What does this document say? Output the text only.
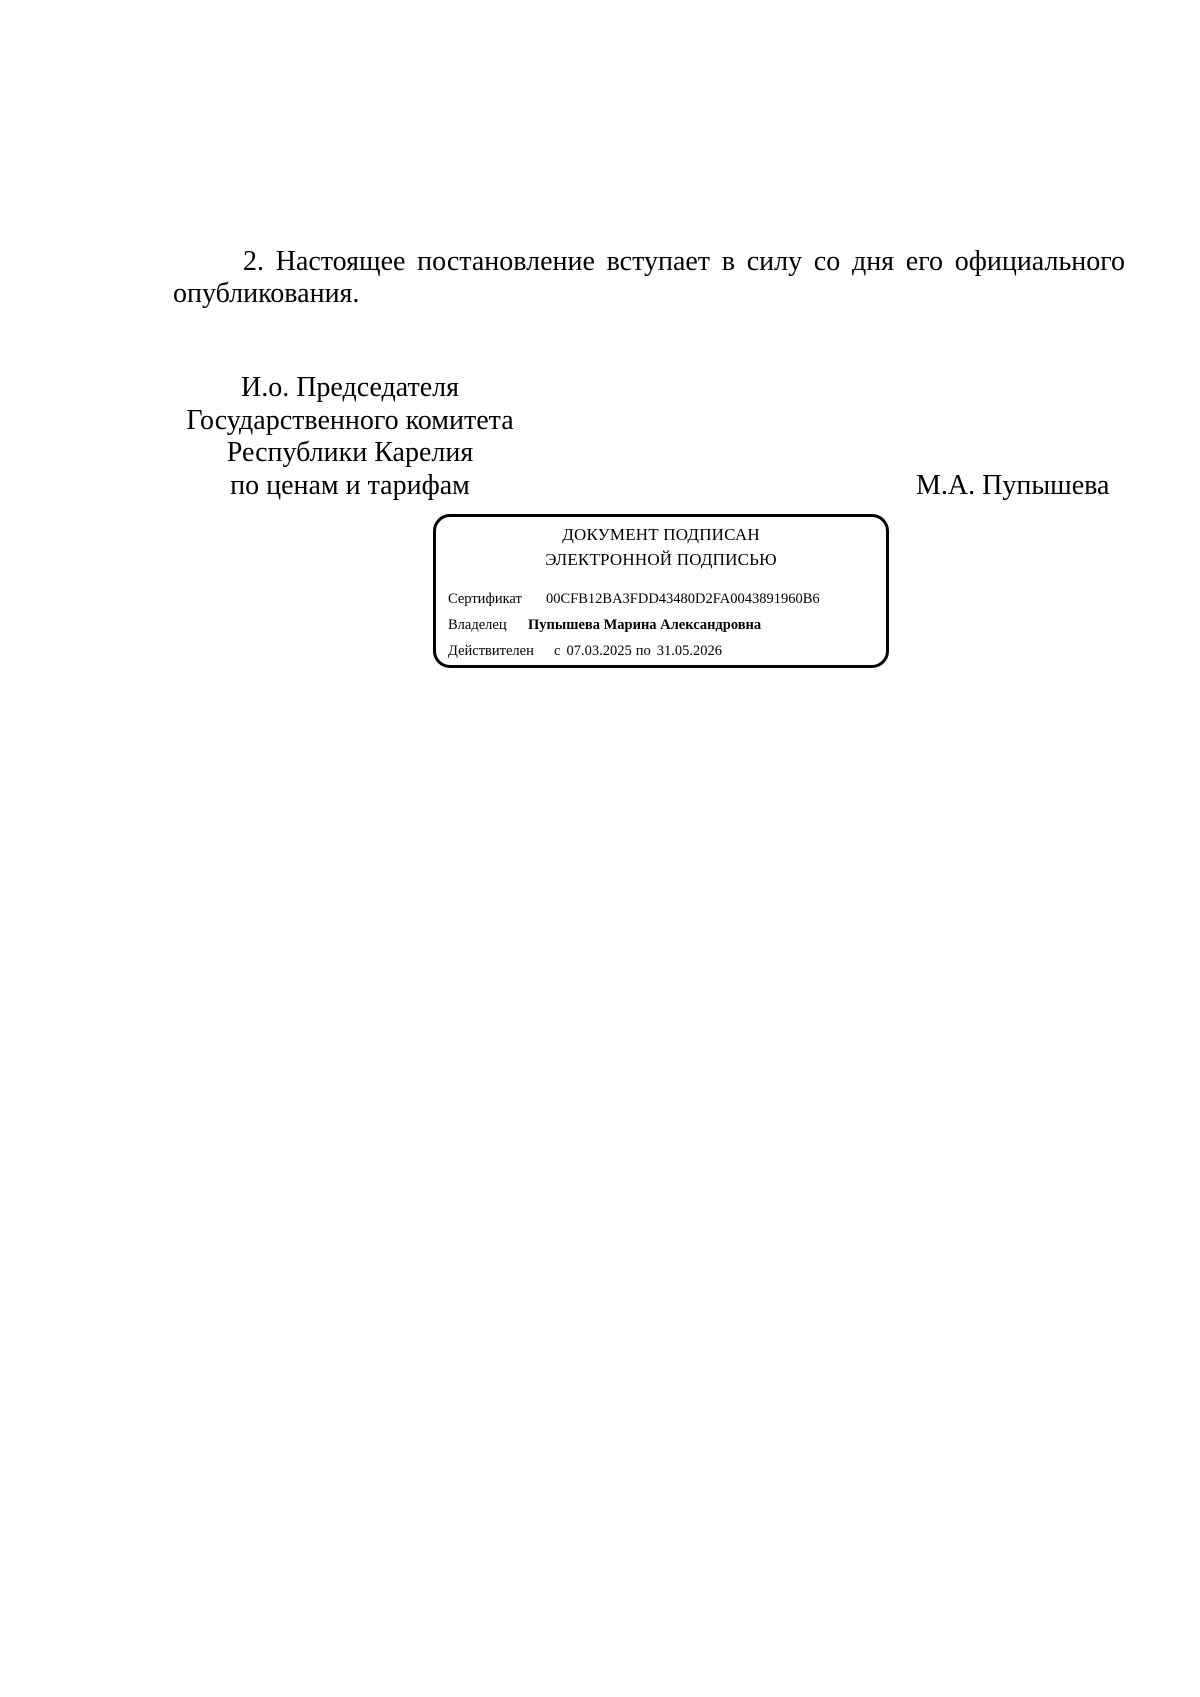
2. Настоящее постановление вступает в силу со дня его официального опубликования.

И.о. Председателя
Государственного комитета
Республики Карелия
по ценам и тарифам	М.А. Пупышева
ДОКУМЕНТ ПОДПИСАН
ЭЛЕКТРОННОЙ ПОДПИСЬЮ
Сертификат 00CFB12BA3FDD43480D2FA0043891960B6
Владелец Пупышева Марина Александровна
Действителен с 07.03.2025 по 31.05.2026
